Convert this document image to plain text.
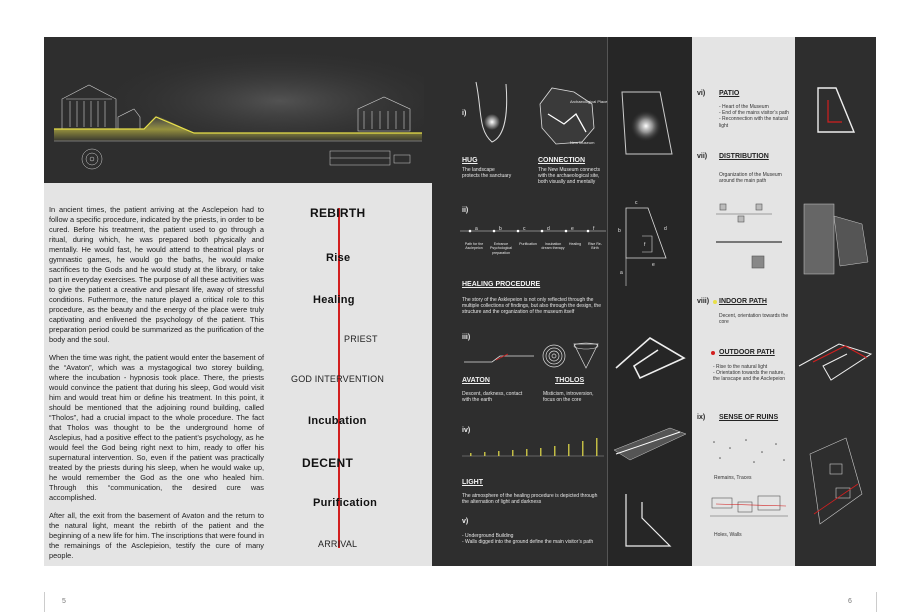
In ancient times, the patient arriving at the Asclepeion had to follow a specific procedure, indicated by the priests, in order to be cured. Before his treatment, the patient used to go through a ritual, during which, he was prepared both physically and mentally. He would fast, he would attend to theatrical plays or gymnastic games, he would go the baths, he would make sacrifices to the Gods and he would study at the library, or take part in everyday exercises. The purpose of all these activities was to give the patient a creative and plesant life, away of stressful conditions. Futhermore, the nature played a critical role to this procedure, as the beauty and the energy of the place were truly captivating and enlivened the psychology of the patient. This preparation period could be summarized as the purification of the body and the soul.

When the time was right, the patient would enter the basement of the “Avaton”, which was a mystagogical two storey building, where the incubation - hypnosis took place. There, the priests would convince the patient that during his sleep, God would visit him and would treat him or define his treatment. In this point, it should be mentioned that the adjoining round building, called “Tholos”, had a crucial impact to the whole procedure. The fact that Tholos was thought to be the underground home of Asclepius, had a positive effect to the patient’s psychology, as he would feel the God being right next to him, ready to offer his supernatural intervention. So, even if the patient was practically treated by the priests during his sleep, when he would wake up, he would remember the God as the one who healed him. Through this “communication, the desired cure was accomplished.

After all, the exit from the basement of Avaton and the return to the natural light, meant the rebirth of the patient and the beginning of a new life for him. The inscriptions that were found in the remainings of the Asclepieion, testify the cure of many people.

REBIRTH
Rise
Healing
PRIEST
GOD INTERVENTION
Incubation
DECENT
Purification
ARRIVAL
i)
Archaeological Place
New Museum
HUG
The landscape protects the sanctuary
CONNECTION
The New Museum connects with the archaeological site, both visually and mentally
ii)
a	b	c	d	e	f
Path for the Asclepeion
Entrance Psychological preparation
Purification	Incubation dream therapy
Healing	Rise Re-Birth
HEALING PROCEDURE
The story of the Asklepeion is not only reflected through the multiple collections of findings, but also through the design, the structure and the organization of the museum itself
iii)
AVATON
Descent, darkness, contact with the earth
THOLOS
Misticism, introversion, focus on the core
iv)
LIGHT
The atmosphere of the healing procedure is depicted through the alternation of light and darkness
v)
- Underground Building
- Walls digged into the ground define the main visitor’s path
a
b
c
d
e
f
vi) PATIO
- Heart of the Museum
- End of the mains visitor’s path
- Reconnection with the natural light
vii) DISTRIBUTION
Organization of the Museum around the main path
viii) INDOOR PATH
Decent, orientation towards the core
OUTDOOR PATH
- Rise to the natural light
- Orientation towards the nature, the lanscape and the Asclepeion
ix) SENSE OF RUINS
Remains, Traces
Holes, Walls
5	6
